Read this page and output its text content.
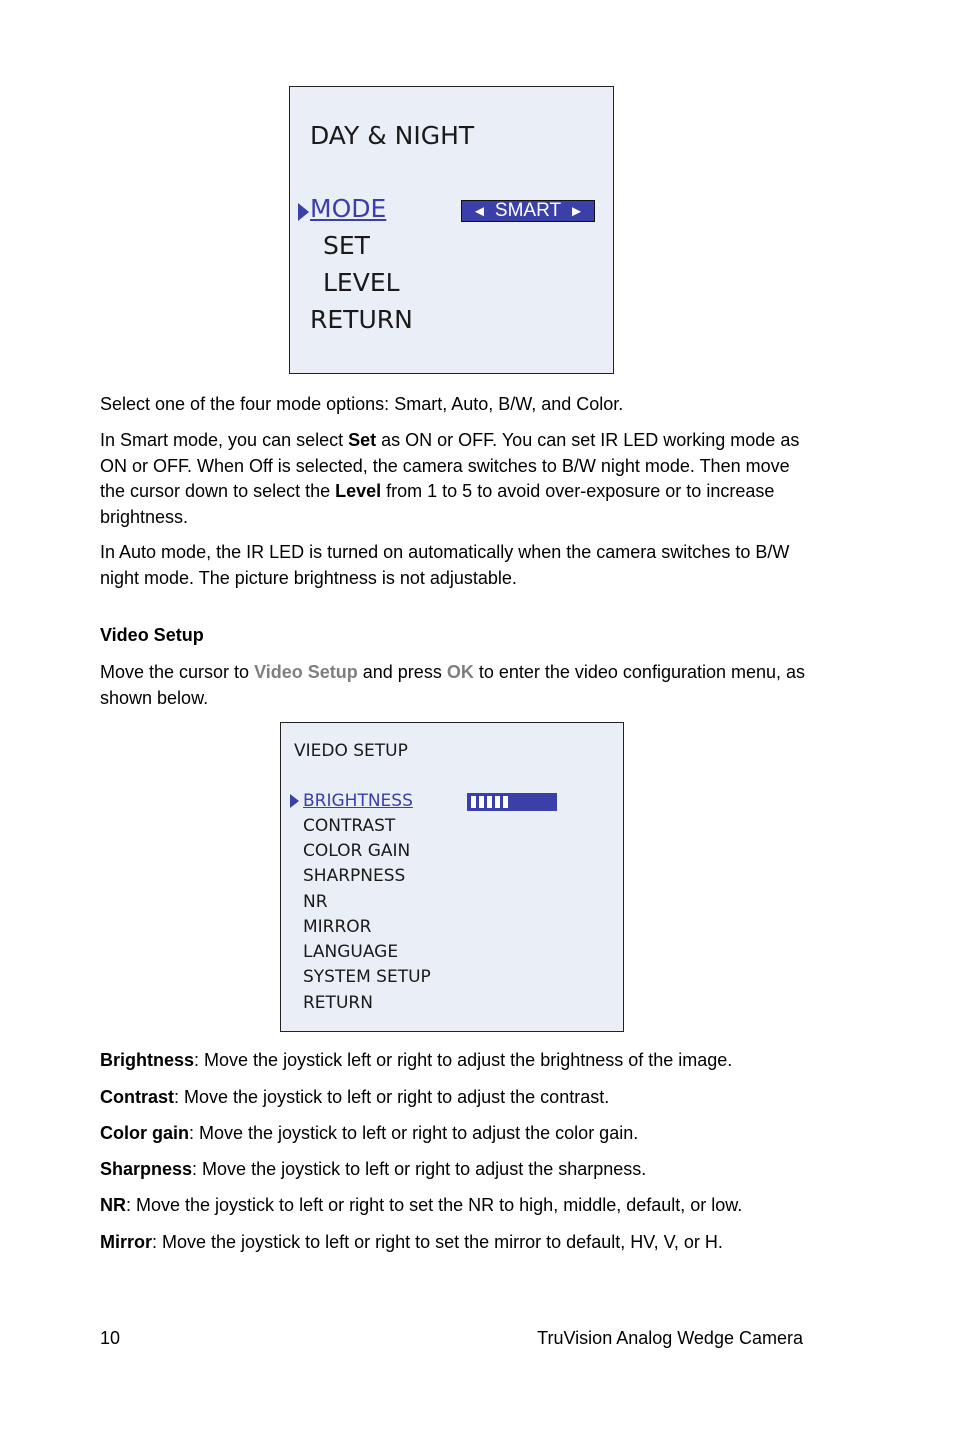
DAY & NIGHT
MODE	◄ SMART ►
SET
LEVEL
RETURN

Select one of the four mode options: Smart, Auto, B/W, and Color.

In Smart mode, you can select Set as ON or OFF. You can set IR LED working mode as ON or OFF. When Off is selected, the camera switches to B/W night mode. Then move the cursor down to select the Level from 1 to 5 to avoid over-exposure or to increase brightness.

In Auto mode, the IR LED is turned on automatically when the camera switches to B/W night mode. The picture brightness is not adjustable.

Video Setup

Move the cursor to Video Setup and press OK to enter the video configuration menu, as shown below.

VIEDO SETUP
BRIGHTNESS
CONTRAST
COLOR GAIN
SHARPNESS
NR
MIRROR
LANGUAGE
SYSTEM SETUP
RETURN

Brightness: Move the joystick left or right to adjust the brightness of the image.

Contrast: Move the joystick to left or right to adjust the contrast.

Color gain: Move the joystick to left or right to adjust the color gain.

Sharpness: Move the joystick to left or right to adjust the sharpness.

NR: Move the joystick to left or right to set the NR to high, middle, default, or low.

Mirror: Move the joystick to left or right to set the mirror to default, HV, V, or H.

10	TruVision Analog Wedge Camera
